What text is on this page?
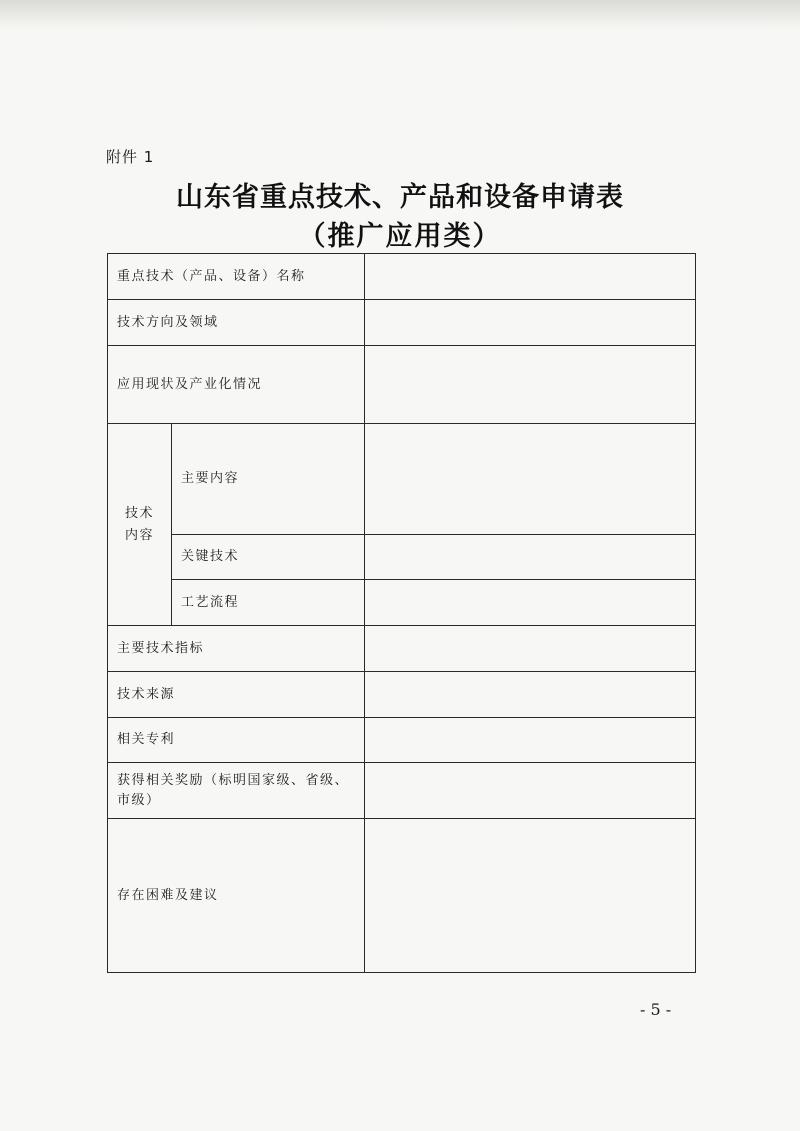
附件 1
山东省重点技术、产品和设备申请表
（推广应用类）
重点技术（产品、设备）名称		
技术方向及领域		
应用现状及产业化情况		

技术内容	主要内容	
	关键技术	
	工艺流程	
主要技术指标		
技术来源		
相关专利		
获得相关奖励（标明国家级、省级、市级）		
存在困难及建议		
- 5 -
